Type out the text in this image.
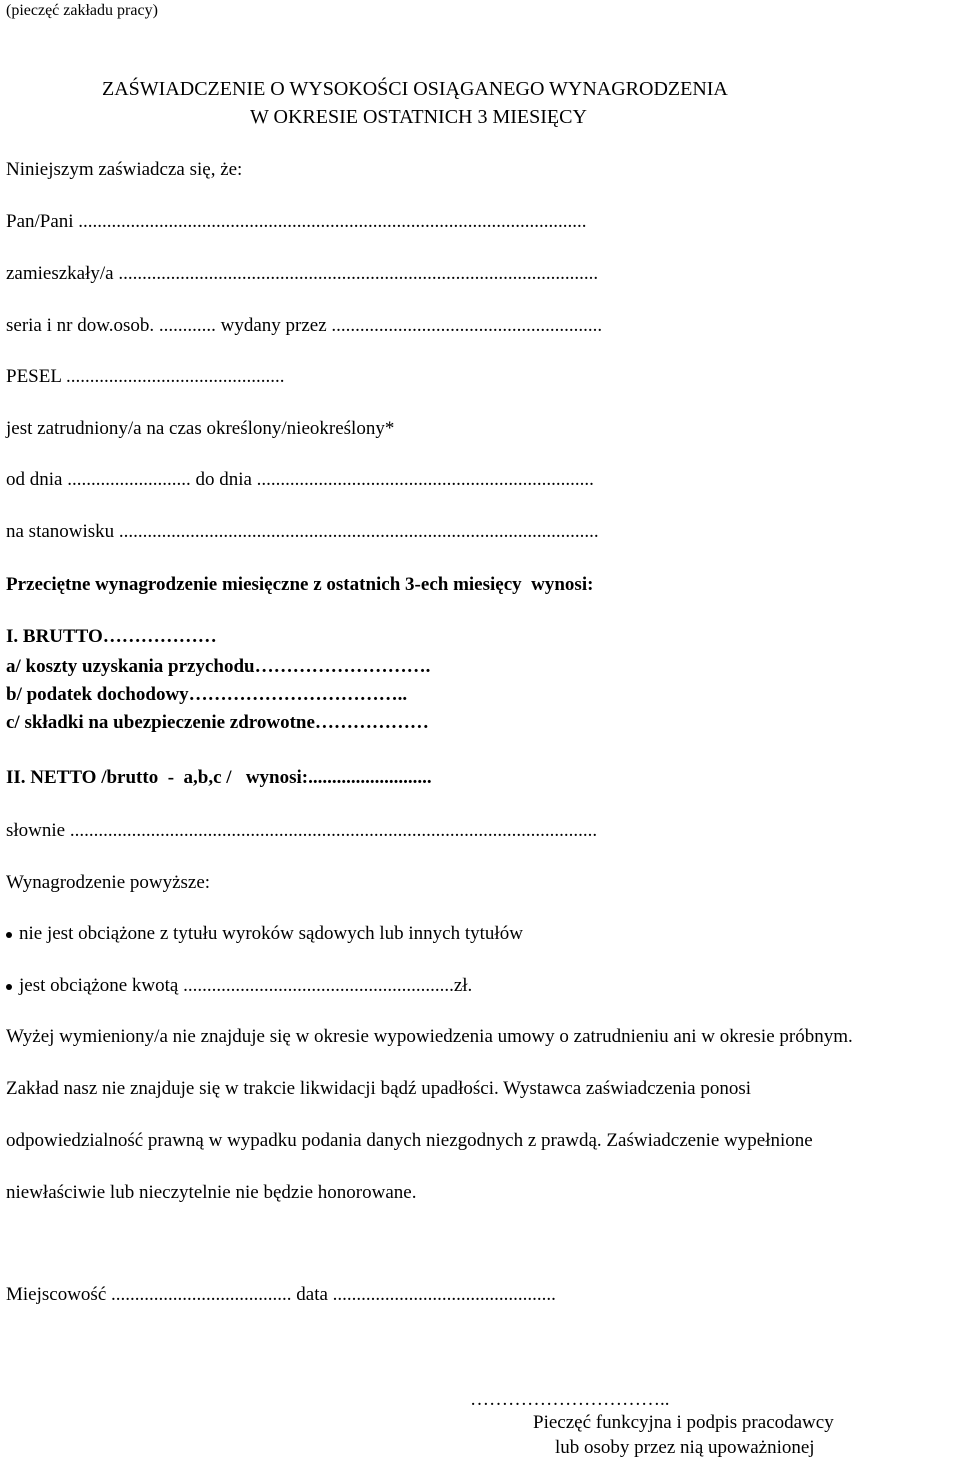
(pieczęć zakładu pracy)
ZAŚWIADCZENIE O WYSOKOŚCI OSIĄGANEGO WYNAGRODZENIA
W OKRESIE OSTATNICH 3 MIESIĘCY
Niniejszym zaświadcza się, że:
Pan/Pani ...........................................................................................................
zamieszkały/a .....................................................................................................
seria i nr dow.osob. ............ wydany przez .........................................................
PESEL ..............................................
jest zatrudniony/a na czas określony/nieokreślony*
od dnia .......................... do dnia .......................................................................
na stanowisku .....................................................................................................
Przeciętne wynagrodzenie miesięczne z ostatnich 3-ech miesięcy  wynosi:
I. BRUTTO………………
a/ koszty uzyskania przychodu……………………….
b/ podatek dochodowy……………………………..
c/ składki na ubezpieczenie zdrowotne………………
II. NETTO /brutto  -  a,b,c /   wynosi:..........................
słownie ...............................................................................................................
Wynagrodzenie powyższe:
nie jest obciążone z tytułu wyroków sądowych lub innych tytułów
jest obciążone kwotą .........................................................zł.
Wyżej wymieniony/a nie znajduje się w okresie wypowiedzenia umowy o zatrudnieniu ani w okresie próbnym.
Zakład nasz nie znajduje się w trakcie likwidacji bądź upadłości. Wystawca zaświadczenia ponosi
odpowiedzialność prawną w wypadku podania danych niezgodnych z prawdą. Zaświadczenie wypełnione
niewłaściwie lub nieczytelnie nie będzie honorowane.
Miejscowość ...................................... data ...............................................
…………………………..
Pieczęć funkcyjna i podpis pracodawcy
lub osoby przez nią upoważnionej
